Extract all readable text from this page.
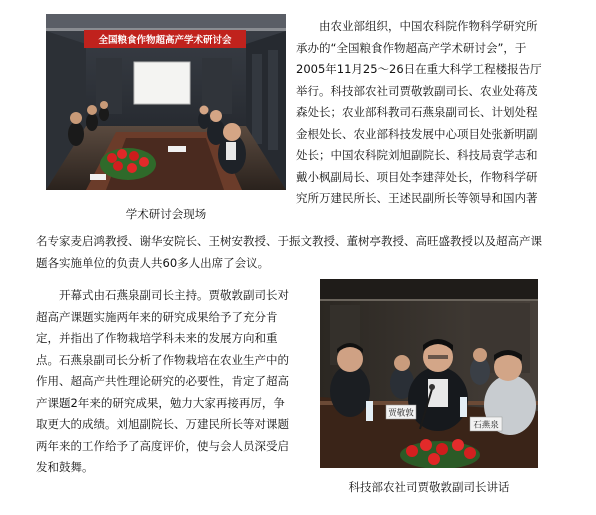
全国粮食作物超高产学术研讨会
学术研讨会现场
由农业部组织，中国农科院作物科学研究所
承办的“全国粮食作物超高产学术研讨会”，于
2005年11月25～26日在重大科学工程楼报告厅
举行。科技部农社司贾敬敦副司长、农业处蒋茂
森处长；农业部科教司石燕泉副司长、计划处程
金根处长、农业部科技发展中心项目处张新明副
处长；中国农科院刘旭副院长、科技局袁学志和
戴小枫副局长、项目处李建萍处长，作物科学研
究所万建民所长、王述民副所长等领导和国内著
名专家麦启鸿教授、谢华安院长、王树安教授、于振文教授、董树亭教授、高旺盛教授以及超高产课
题各实施单位的负责人共60多人出席了会议。
开幕式由石燕泉副司长主持。贾敬敦副司长对
超高产课题实施两年来的研究成果给予了充分肯
定，并指出了作物栽培学科未来的发展方向和重
点。石燕泉副司长分析了作物栽培在农业生产中的
作用、超高产共性理论研究的必要性，肯定了超高
产课题2年来的研究成果，勉力大家再接再厉，争
取更大的成绩。刘旭副院长、万建民所长等对课题
两年来的工作给予了高度评价，使与会人员深受启
发和鼓舞。
贾敬敦
石燕泉
科技部农社司贾敬敦副司长讲话
